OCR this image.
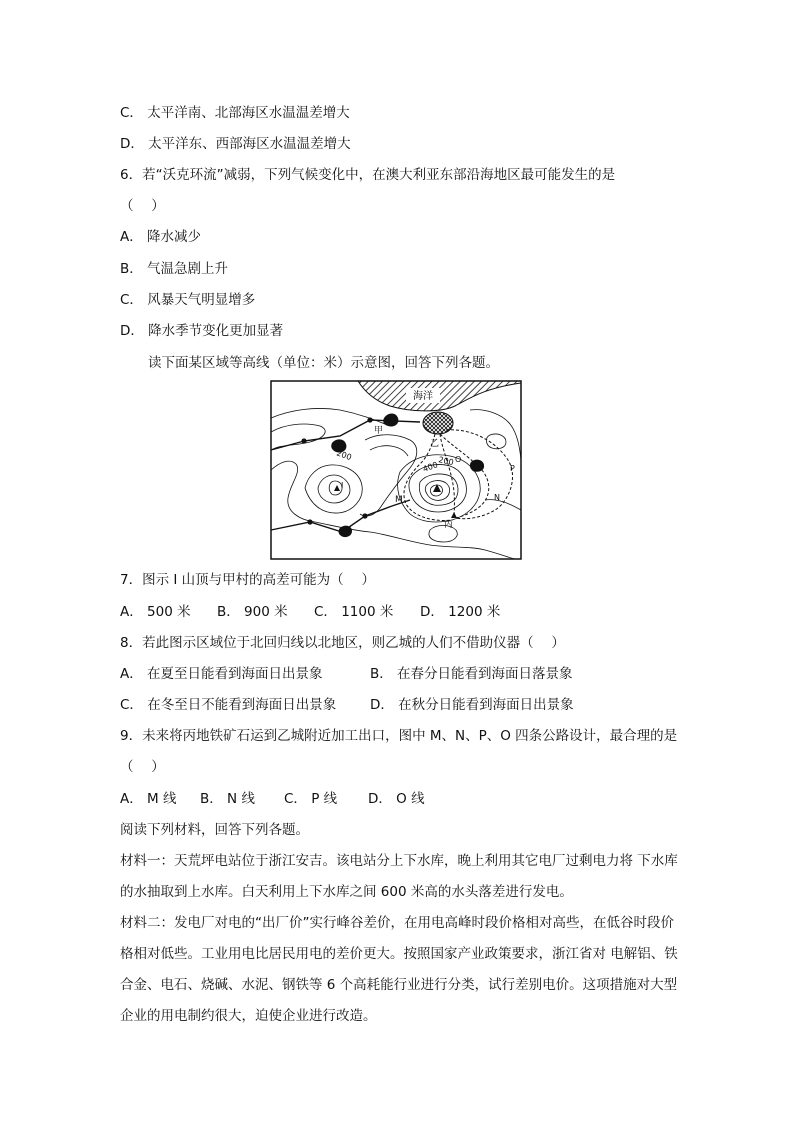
C． 太平洋南、北部海区水温温差增大
D． 太平洋东、西部海区水温温差增大
6．若“沃克环流”减弱，下列气候变化中，在澳大利亚东部沿海地区最可能发生的是
（　 ）
A． 降水减少
B． 气温急剧上升
C． 风暴天气明显增多
D． 降水季节变化更加显著
读下面某区域等高线（单位：米）示意图，回答下列各题。
海洋
甲
乙
丙
I
200	200
400
M	N
P
O
7．图示 I 山顶与甲村的高差可能为（　 ）
A． 500 米 B． 900 米 C． 1100 米 D． 1200 米
8．若此图示区域位于北回归线以北地区，则乙城的人们不借助仪器（　 ）
A． 在夏至日能看到海面日出景象	B． 在春分日能看到海面日落景象
C． 在冬至日不能看到海面日出景象	D． 在秋分日能看到海面日出景象
9．未来将丙地铁矿石运到乙城附近加工出口，图中 M、N、P、O 四条公路设计，最合理的是
（　 ）
A． M 线 B． N 线 C． P 线 D． O 线
阅读下列材料，回答下列各题。
材料一：天荒坪电站位于浙江安吉。该电站分上下水库，晚上利用其它电厂过剩电力将 下水库的水抽取到上水库。白天利用上下水库之间 600 米高的水头落差进行发电。
材料二：发电厂对电的“出厂价”实行峰谷差价，在用电高峰时段价格相对高些，在低谷时段价格相对低些。工业用电比居民用电的差价更大。按照国家产业政策要求，浙江省对 电解铝、铁合金、电石、烧碱、水泥、钢铁等 6 个高耗能行业进行分类，试行差别电价。这项措施对大型企业的用电制约很大，迫使企业进行改造。
